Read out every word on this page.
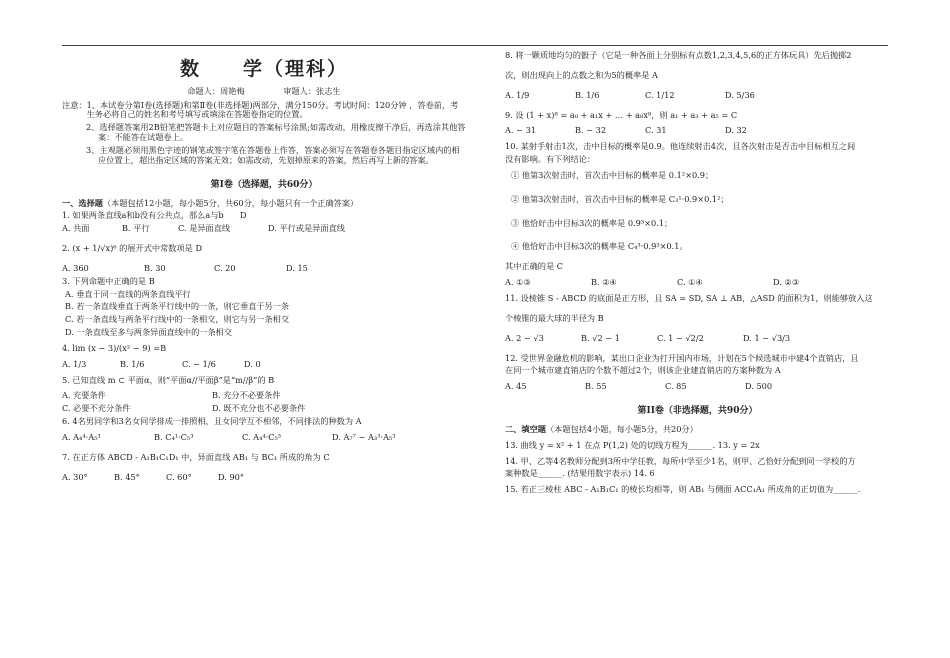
数　　学（理科）
命题人：周艳梅	审题人：张志生
注意： 1、本试卷分第Ⅰ卷(选择题)和第Ⅱ卷(非选择题)两部分，满分150分。考试时间：120分钟 ，答卷前，考生务必将自己的姓名和考号填写或填涂在答题卷指定的位置。
2、选择题答案用2B铅笔把答题卡上对应题目的答案标号涂黑;如需改动，用橡皮擦干净后，再选涂其他答案：不能答在试题卷上。
3、主观题必须用黑色字迹的钢笔或签字笔在答题卷上作答，答案必须写在答题卷各题目指定区域内的相应位置上，超出指定区域的答案无效；如需改动，先划掉原来的答案，然后再写上新的答案。
第Ⅰ卷（选择题，共60分）
一、选择题（本题包括12小题，每小题5分，共60分，每小题只有一个正确答案）
1. 如果两条直线a和b没有公共点，那么a与b　　D
A. 共面	B. 平行	C. 是异面直线	D. 平行或是异面直线
2. (x + 1/√x)⁶ 的展开式中常数项是 D
A. 360	B. 30	C. 20	D. 15
3. 下列命题中正确的是 B
A. 垂直于同一直线的两条直线平行
B. 若一条直线垂直于两条平行线中的一条，则它垂直于另一条
C. 若一条直线与两条平行线中的一条相交，则它与另一条相交
D. 一条直线至多与两条异面直线中的一条相交
4. lim (x − 3)/(x² − 9) =B
A. 1/3	B. 1/6	C. − 1/6	D. 0
5. 已知直线 m ⊂ 平面α，则“平面α//平面β”是“m//β”的 B
A. 充要条件	B. 充分不必要条件
C. 必要不充分条件	D. 既不充分也不必要条件
6. 4名男同学和3名女同学排成一排照相，且女同学互不相邻，不同排法的种数为 A
A. A₄⁴·A₅³	B. C₄¹·C₅³	C. A₄⁴·C₅³	D. A₇⁷ − A₃³·A₅³
7. 在正方体 ABCD - A₁B₁C₁D₁ 中，异面直线 AB₁ 与 BC₁ 所成的角为 C
A. 30°	B. 45°	C. 60°	D. 90°
8. 将一颗质地均匀的骰子（它是一种各面上分别标有点数1,2,3,4,5,6的正方体玩具）先后抛掷2
次，则出现向上的点数之和为5的概率是 A
A. 1/9	B. 1/6	C. 1/12	D. 5/36
9. 设 (1 + x)⁸ = a₀ + a₁x + … + a₈x⁸，则 a₁ + a₃ + a₅ = C
A. − 31	B. − 32	C. 31	D. 32
10. 某射手射击1次，击中目标的概率是0.9。他连续射击4次，且各次射击是否击中目标相互之间
没有影响。有下列结论：
① 他第3次射击时，首次击中目标的概率是 0.1²×0.9；
② 他第3次射击时，首次击中目标的概率是 C₃¹·0.9×0.1²；
③ 他恰好击中目标3次的概率是 0.9³×0.1；
④ 他恰好击中目标3次的概率是 C₄³·0.9³×0.1。
其中正确的是 C
A. ①③	B. ②④	C. ①④	D. ②③
11. 设棱锥 S - ABCD 的底面是正方形，且 SA = SD, SA ⊥ AB，△ASD 的面积为1，则能够放入这
个棱锥的最大球的半径为 B
A. 2 − √3	B. √2 − 1	C. 1 − √2/2	D. 1 − √3/3
12. 受世界金融危机的影响，某出口企业为打开国内市场，计划在5个候选城市中建4个直销店，且
在同一个城市建直销店的个数不超过2个，则该企业建直销店的方案种数为 A
A. 45	B. 55	C. 85	D. 500
第II卷（非选择题，共90分）
二、填空题（本题包括4小题，每小题5分，共20分）
13. 曲线 y = x² + 1 在点 P(1,2) 处的切线方程为______. 13. y = 2x
14. 甲、乙等4名教师分配到3所中学任教，每所中学至少1名，则甲、乙恰好分配到同一学校的方
案种数是______. (结果用数字表示) 14. 6
15. 若正三棱柱 ABC - A₁B₁C₁ 的棱长均相等，则 AB₁ 与侧面 ACC₁A₁ 所成角的正切值为______.
